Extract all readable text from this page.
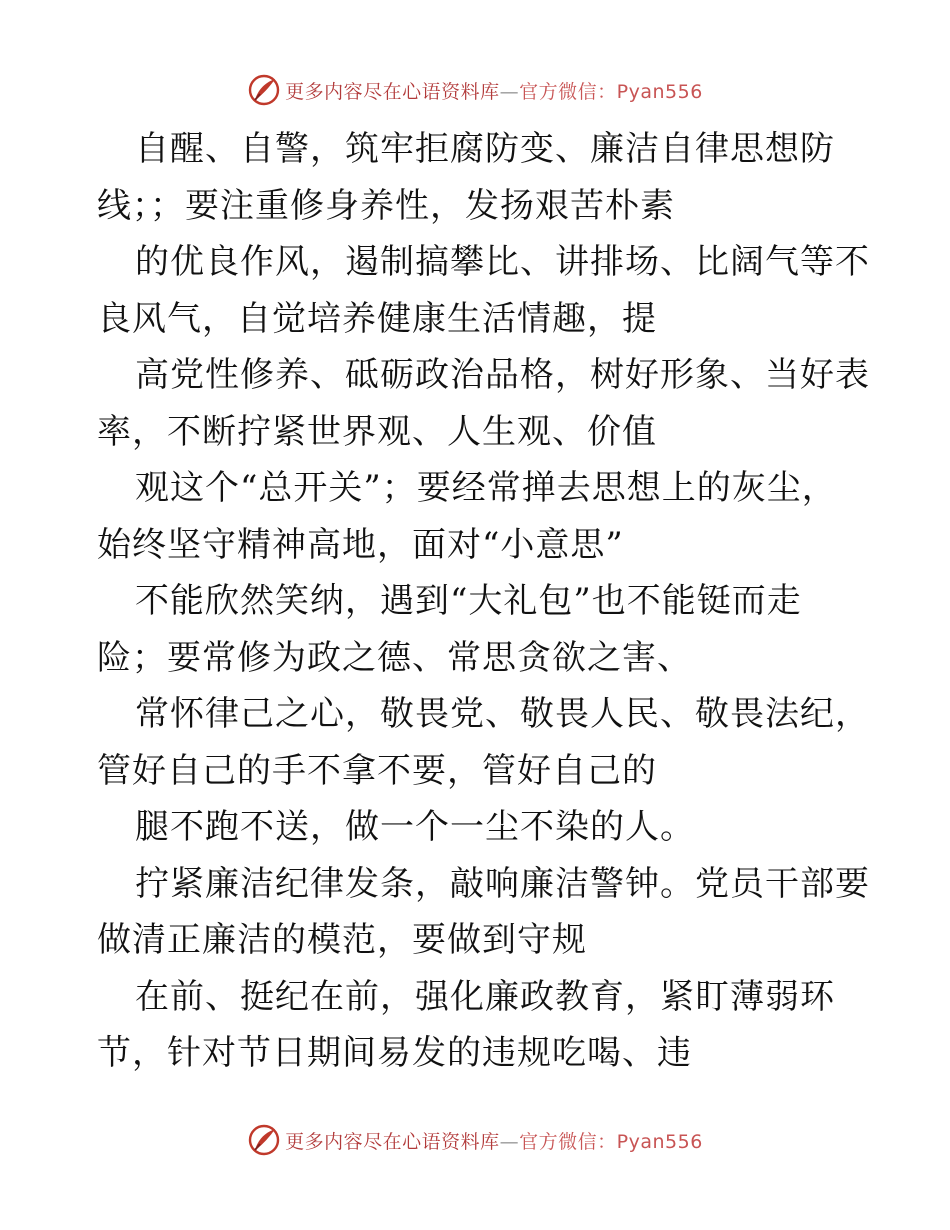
更多内容尽在心语资料库—官方微信：Pyan556
自醒、自警，筑牢拒腐防变、廉洁自律思想防
线；；要注重修身养性，发扬艰苦朴素
的优良作风，遏制搞攀比、讲排场、比阔气等不
良风气，自觉培养健康生活情趣，提
高党性修养、砥砺政治品格，树好形象、当好表
率，不断拧紧世界观、人生观、价值
观这个“总开关”；要经常掸去思想上的灰尘，
始终坚守精神高地，面对“小意思”
不能欣然笑纳，遇到“大礼包”也不能铤而走
险；要常修为政之德、常思贪欲之害、
常怀律己之心，敬畏党、敬畏人民、敬畏法纪，
管好自己的手不拿不要，管好自己的
腿不跑不送，做一个一尘不染的人。
拧紧廉洁纪律发条，敲响廉洁警钟。党员干部要
做清正廉洁的模范，要做到守规
在前、挺纪在前，强化廉政教育，紧盯薄弱环
节，针对节日期间易发的违规吃喝、违
更多内容尽在心语资料库—官方微信：Pyan556
